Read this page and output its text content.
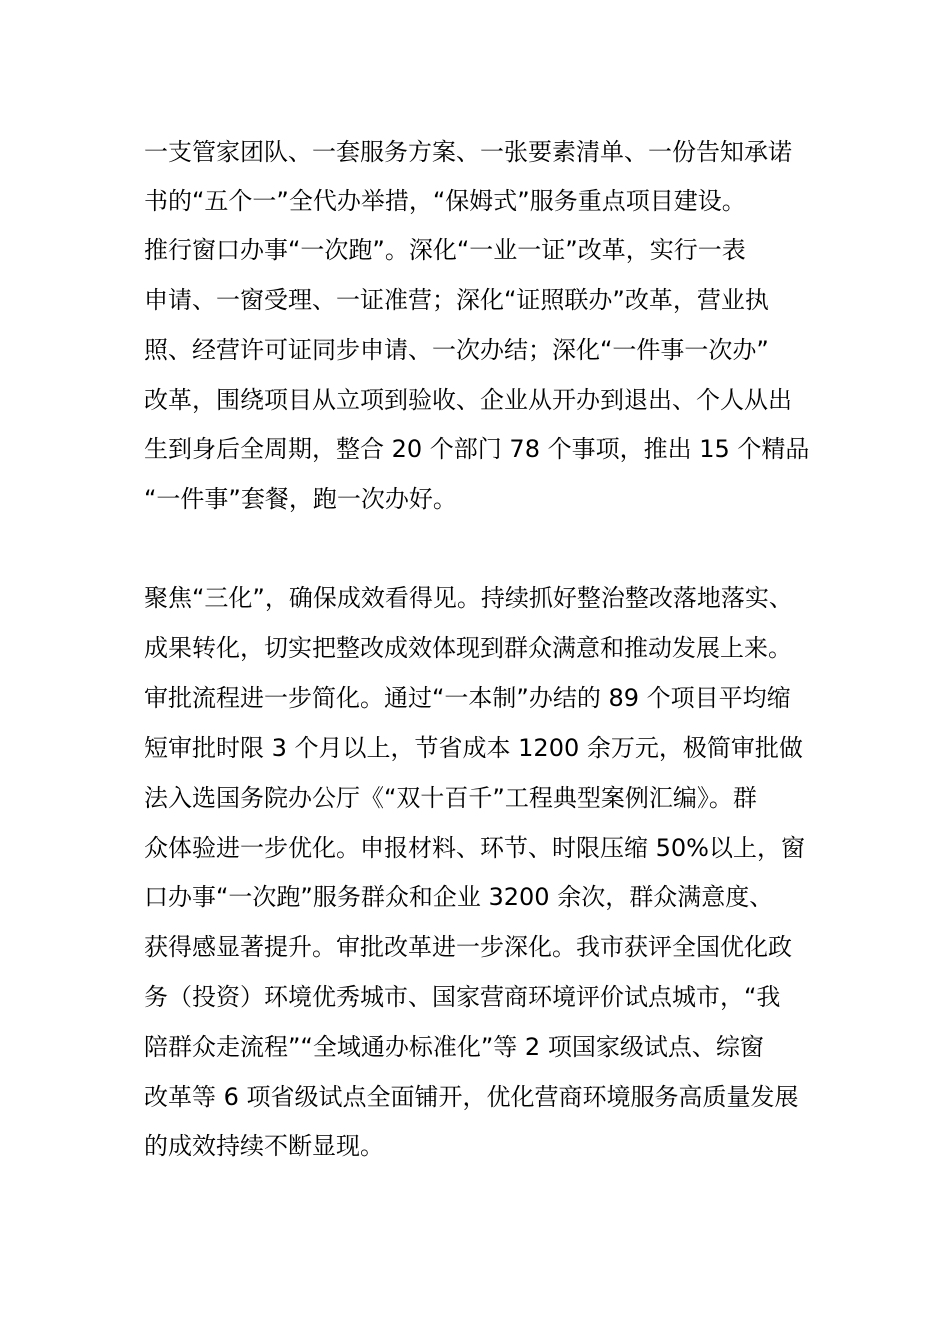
一支管家团队、一套服务方案、一张要素清单、一份告知承诺
书的“五个一”全代办举措，“保姆式”服务重点项目建设。
推行窗口办事“一次跑”。深化“一业一证”改革，实行一表
申请、一窗受理、一证准营；深化“证照联办”改革，营业执
照、经营许可证同步申请、一次办结；深化“一件事一次办”
改革，围绕项目从立项到验收、企业从开办到退出、个人从出
生到身后全周期，整合 20 个部门 78 个事项，推出 15 个精品
“一件事”套餐，跑一次办好。
聚焦“三化”，确保成效看得见。持续抓好整治整改落地落实、
成果转化，切实把整改成效体现到群众满意和推动发展上来。
审批流程进一步简化。通过“一本制”办结的 89 个项目平均缩
短审批时限 3 个月以上，节省成本 1200 余万元，极简审批做
法入选国务院办公厅《“双十百千”工程典型案例汇编》。群
众体验进一步优化。申报材料、环节、时限压缩 50%以上，窗
口办事“一次跑”服务群众和企业 3200 余次，群众满意度、
获得感显著提升。审批改革进一步深化。我市获评全国优化政
务（投资）环境优秀城市、国家营商环境评价试点城市，“我
陪群众走流程”“全域通办标准化”等 2 项国家级试点、综窗
改革等 6 项省级试点全面铺开，优化营商环境服务高质量发展
的成效持续不断显现。
